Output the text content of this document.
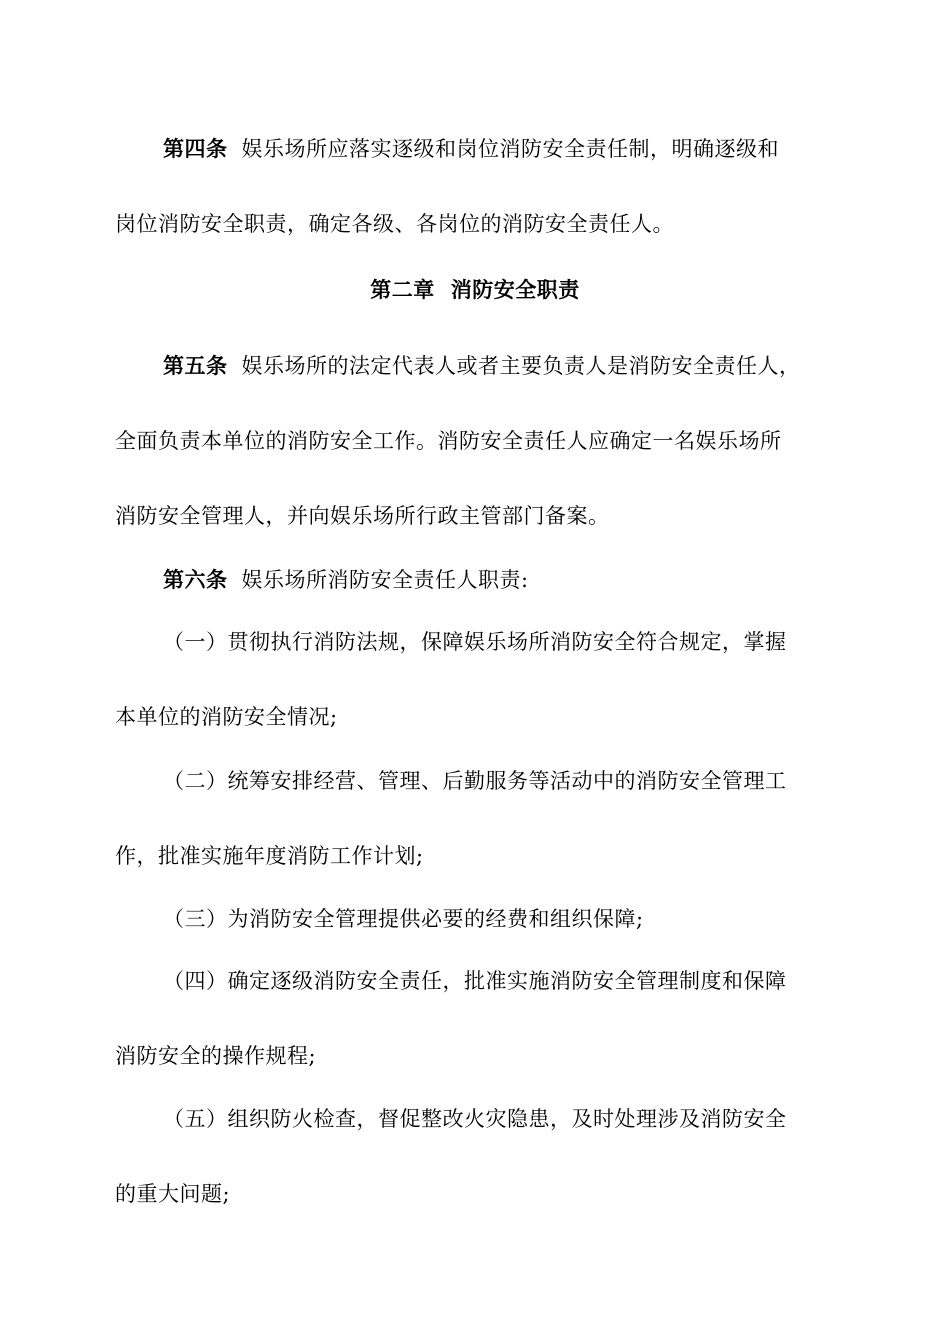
第四条 娱乐场所应落实逐级和岗位消防安全责任制，明确逐级和
岗位消防安全职责，确定各级、各岗位的消防安全责任人。
第二章 消防安全职责
第五条 娱乐场所的法定代表人或者主要负责人是消防安全责任人，
全面负责本单位的消防安全工作。消防安全责任人应确定一名娱乐场所
消防安全管理人，并向娱乐场所行政主管部门备案。
第六条 娱乐场所消防安全责任人职责:
（一）贯彻执行消防法规，保障娱乐场所消防安全符合规定，掌握
本单位的消防安全情况;
（二）统筹安排经营、管理、后勤服务等活动中的消防安全管理工
作，批准实施年度消防工作计划;
（三）为消防安全管理提供必要的经费和组织保障;
（四）确定逐级消防安全责任，批准实施消防安全管理制度和保障
消防安全的操作规程;
（五）组织防火检查，督促整改火灾隐患，及时处理涉及消防安全
的重大问题;
